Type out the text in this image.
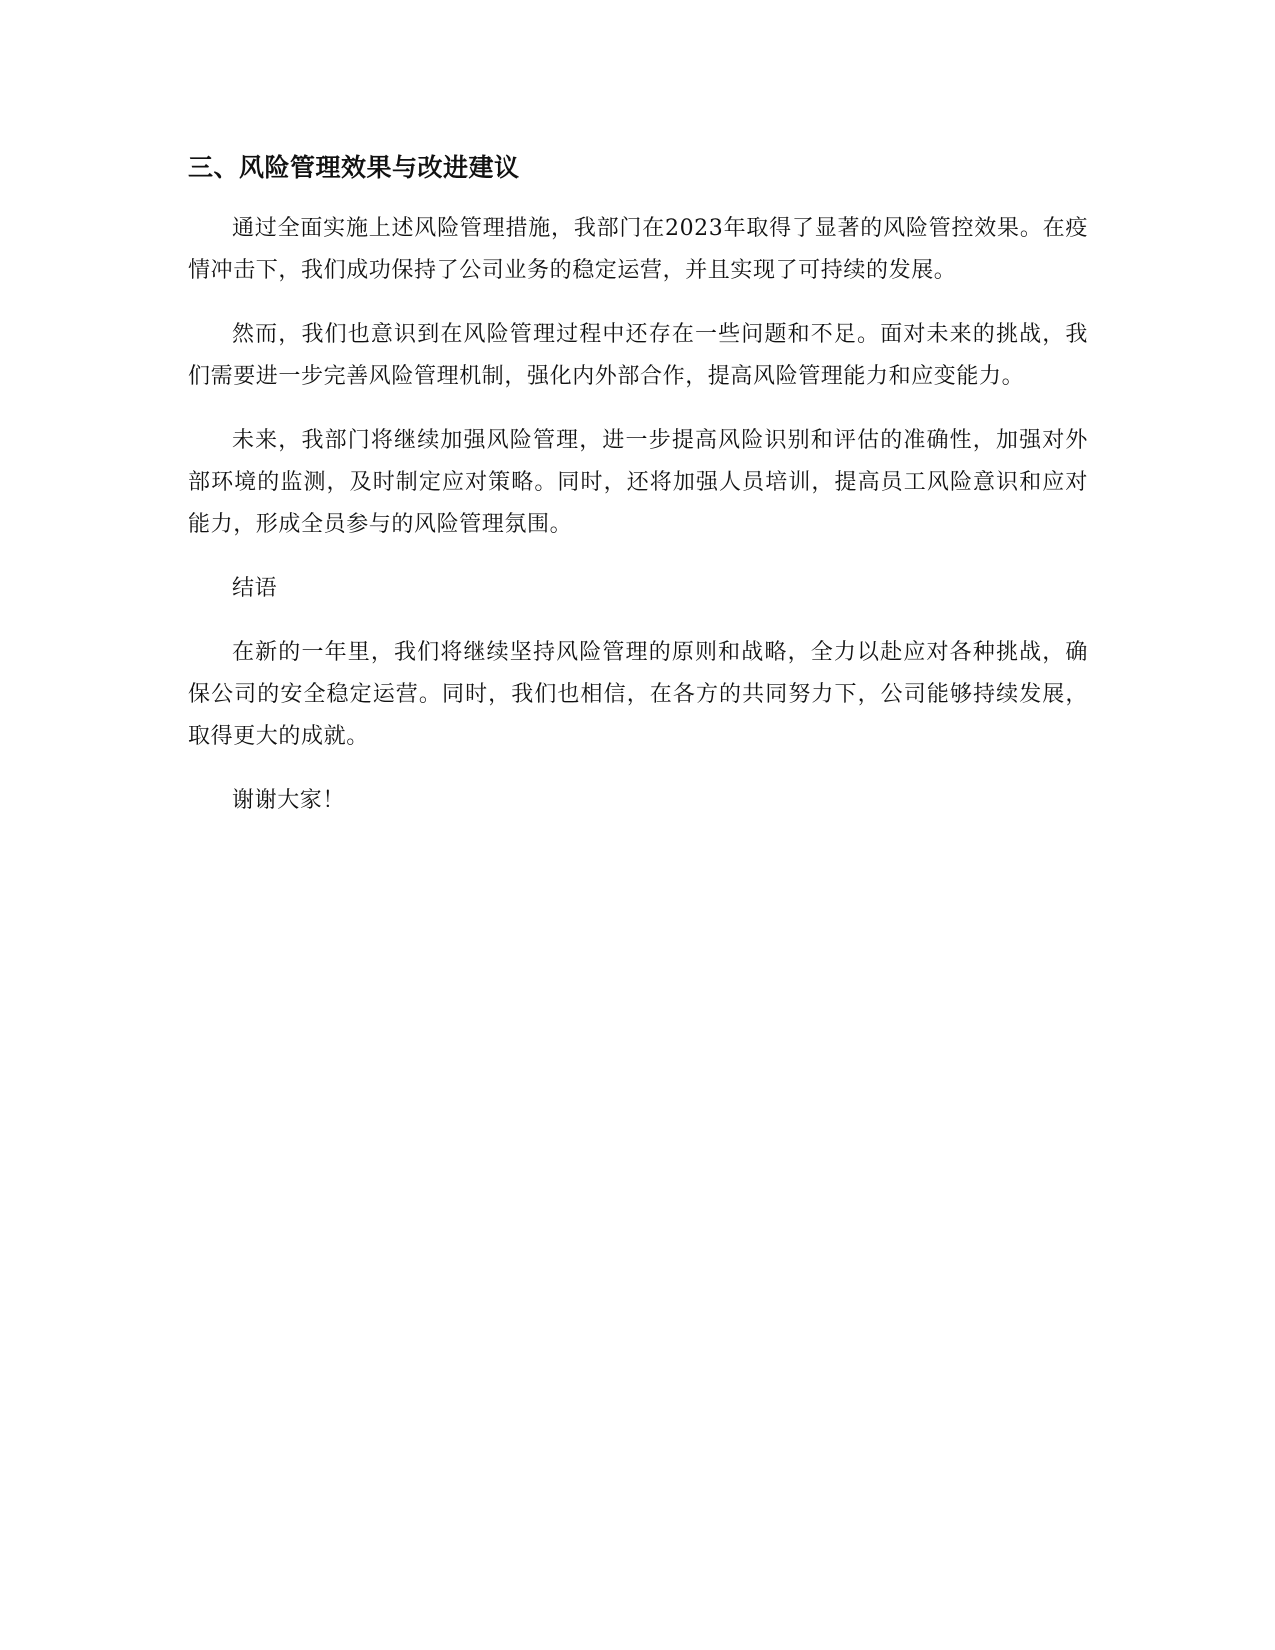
三、风险管理效果与改进建议

通过全面实施上述风险管理措施，我部门在2023年取得了显著的风险管控效果。在疫情冲击下，我们成功保持了公司业务的稳定运营，并且实现了可持续的发展。

然而，我们也意识到在风险管理过程中还存在一些问题和不足。面对未来的挑战，我们需要进一步完善风险管理机制，强化内外部合作，提高风险管理能力和应变能力。

未来，我部门将继续加强风险管理，进一步提高风险识别和评估的准确性，加强对外部环境的监测，及时制定应对策略。同时，还将加强人员培训，提高员工风险意识和应对能力，形成全员参与的风险管理氛围。

结语

在新的一年里，我们将继续坚持风险管理的原则和战略，全力以赴应对各种挑战，确保公司的安全稳定运营。同时，我们也相信，在各方的共同努力下，公司能够持续发展，取得更大的成就。

谢谢大家！
